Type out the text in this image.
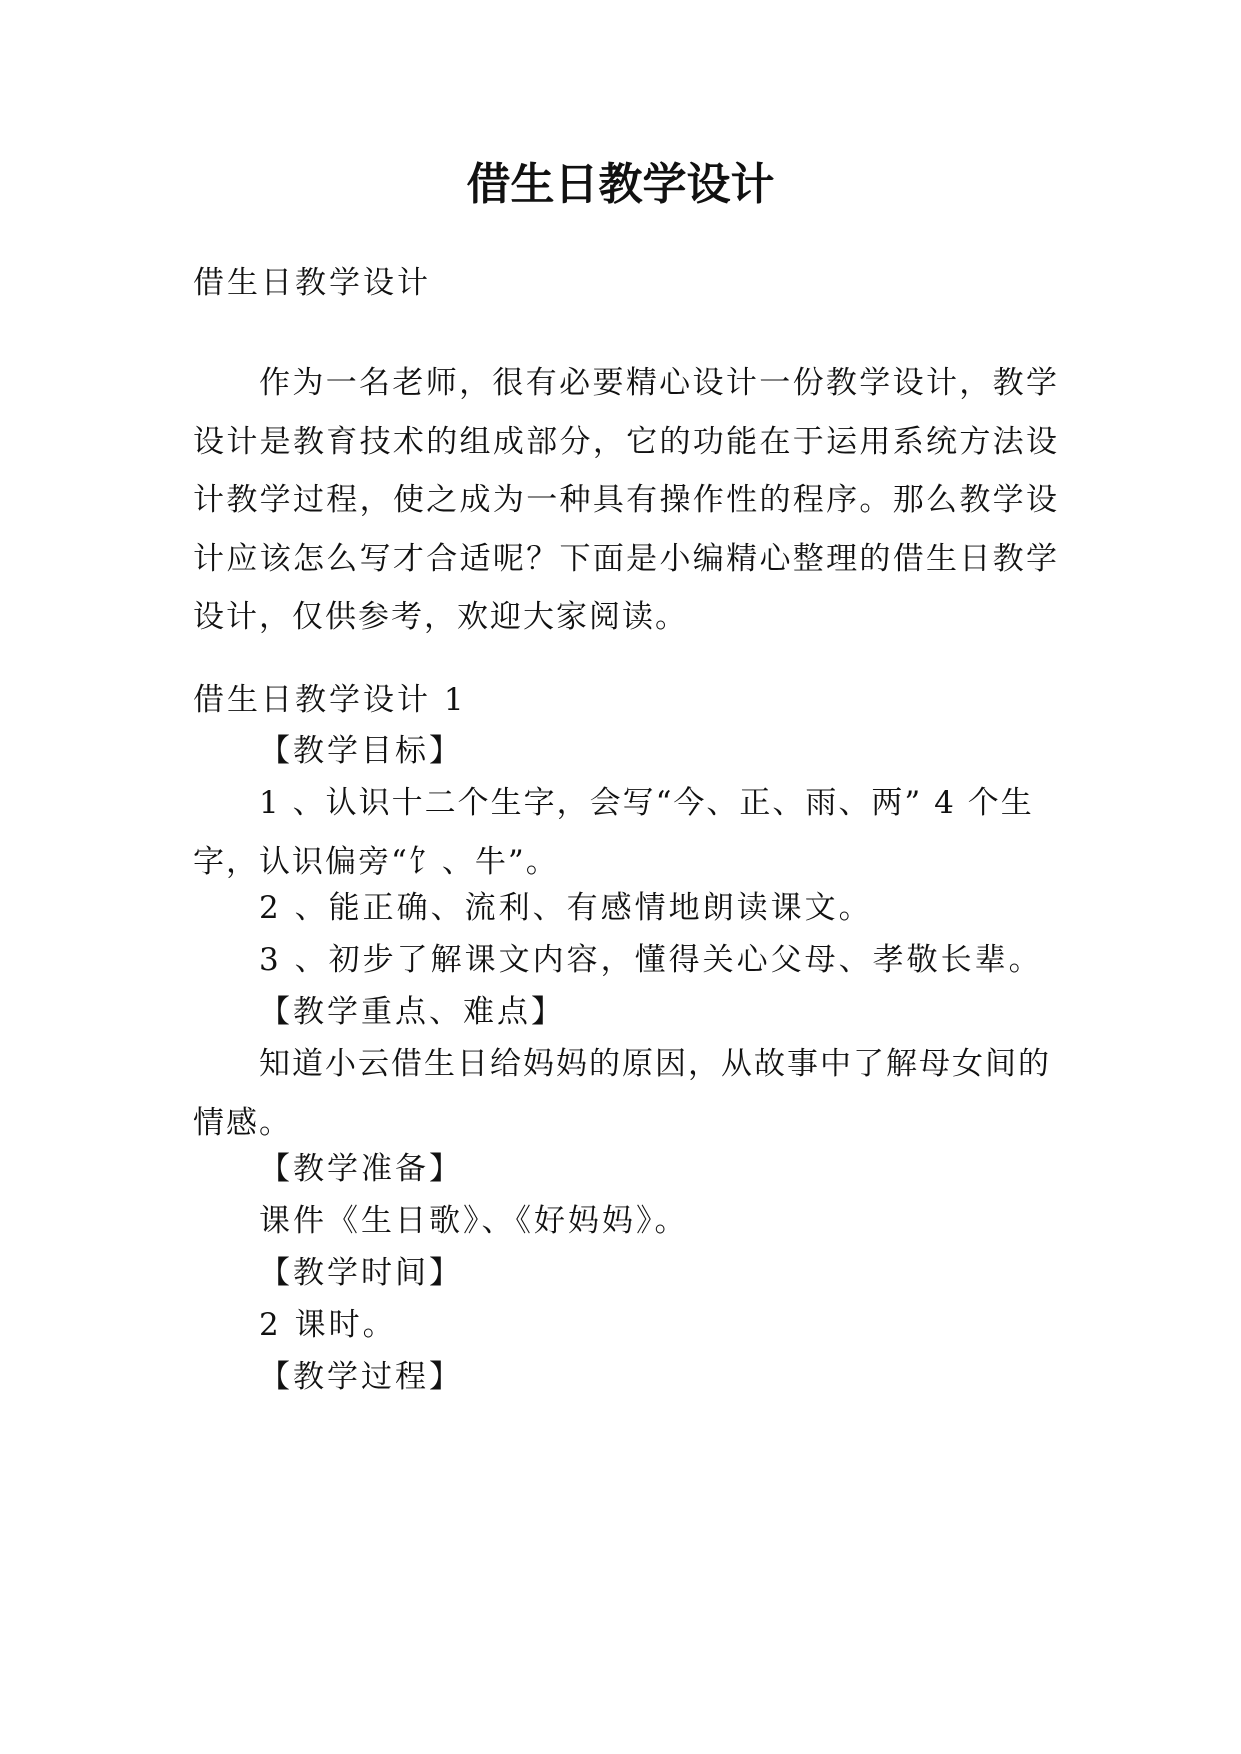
借生日教学设计

借生日教学设计

作为一名老师，很有必要精心设计一份教学设计，教学设计是教育技术的组成部分，它的功能在于运用系统方法设计教学过程，使之成为一种具有操作性的程序。那么教学设计应该怎么写才合适呢？下面是小编精心整理的借生日教学设计，仅供参考，欢迎大家阅读。

借生日教学设计 1

【教学目标】

1 、认识十二个生字，会写“今、正、雨、两” 4 个生字，认识偏旁“饣、牛”。

2 、能正确、流利、有感情地朗读课文。

3 、初步了解课文内容，懂得关心父母、孝敬长辈。

【教学重点、难点】

知道小云借生日给妈妈的原因，从故事中了解母女间的情感。

【教学准备】

课件《生日歌》、《好妈妈》。

【教学时间】

2 课时。

【教学过程】
